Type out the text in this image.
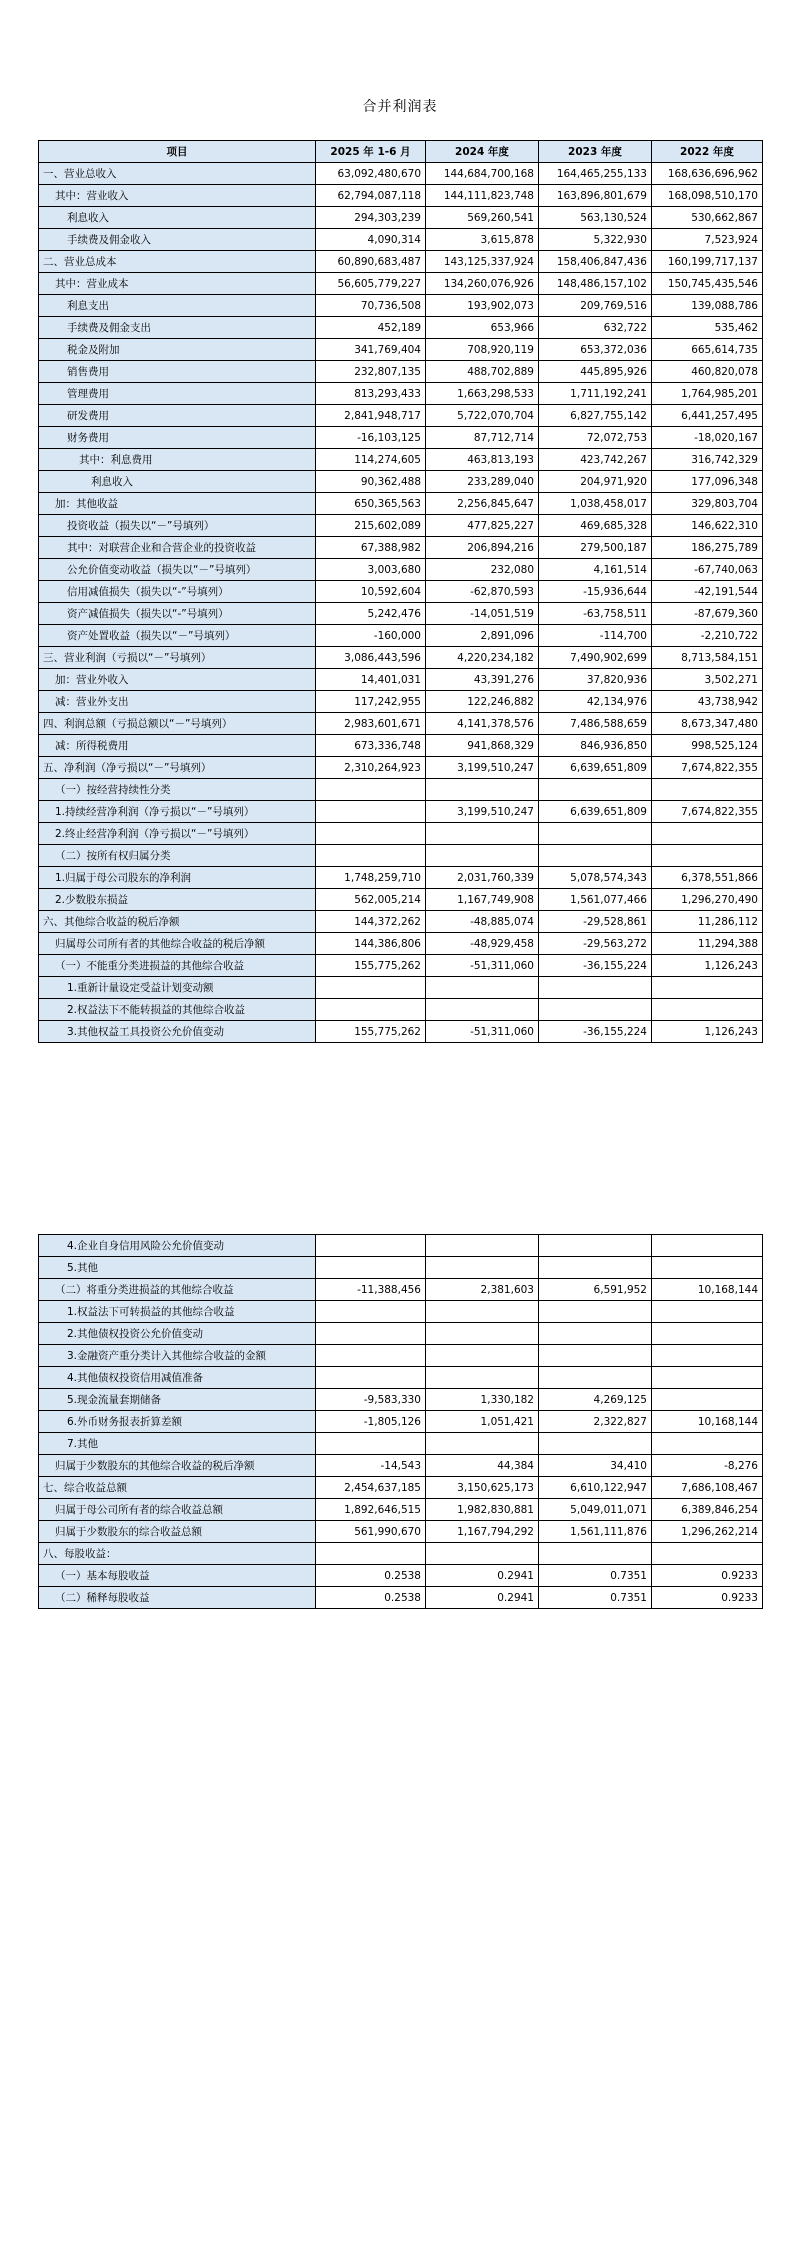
合并利润表
项目	2025 年 1-6 月	2024 年度	2023 年度	2022 年度
一、营业总收入	63,092,480,670	144,684,700,168	164,465,255,133	168,636,696,962
其中：营业收入	62,794,087,118	144,111,823,748	163,896,801,679	168,098,510,170
利息收入	294,303,239	569,260,541	563,130,524	530,662,867
手续费及佣金收入	4,090,314	3,615,878	5,322,930	7,523,924
二、营业总成本	60,890,683,487	143,125,337,924	158,406,847,436	160,199,717,137
其中：营业成本	56,605,779,227	134,260,076,926	148,486,157,102	150,745,435,546
利息支出	70,736,508	193,902,073	209,769,516	139,088,786
手续费及佣金支出	452,189	653,966	632,722	535,462
税金及附加	341,769,404	708,920,119	653,372,036	665,614,735
销售费用	232,807,135	488,702,889	445,895,926	460,820,078
管理费用	813,293,433	1,663,298,533	1,711,192,241	1,764,985,201
研发费用	2,841,948,717	5,722,070,704	6,827,755,142	6,441,257,495
财务费用	-16,103,125	87,712,714	72,072,753	-18,020,167
其中：利息费用	114,274,605	463,813,193	423,742,267	316,742,329
利息收入	90,362,488	233,289,040	204,971,920	177,096,348
加：其他收益	650,365,563	2,256,845,647	1,038,458,017	329,803,704
投资收益（损失以“－”号填列）	215,602,089	477,825,227	469,685,328	146,622,310
其中：对联营企业和合营企业的投资收益	67,388,982	206,894,216	279,500,187	186,275,789
公允价值变动收益（损失以“－”号填列）	3,003,680	232,080	4,161,514	-67,740,063
信用减值损失（损失以“-”号填列）	10,592,604	-62,870,593	-15,936,644	-42,191,544
资产减值损失（损失以“-”号填列）	5,242,476	-14,051,519	-63,758,511	-87,679,360
资产处置收益（损失以“－”号填列）	-160,000	2,891,096	-114,700	-2,210,722
三、营业利润（亏损以“－”号填列）	3,086,443,596	4,220,234,182	7,490,902,699	8,713,584,151
加：营业外收入	14,401,031	43,391,276	37,820,936	3,502,271
减：营业外支出	117,242,955	122,246,882	42,134,976	43,738,942
四、利润总额（亏损总额以“－”号填列）	2,983,601,671	4,141,378,576	7,486,588,659	8,673,347,480
减：所得税费用	673,336,748	941,868,329	846,936,850	998,525,124
五、净利润（净亏损以“－”号填列）	2,310,264,923	3,199,510,247	6,639,651,809	7,674,822,355
（一）按经营持续性分类				
1.持续经营净利润（净亏损以“－”号填列）		3,199,510,247	6,639,651,809	7,674,822,355
2.终止经营净利润（净亏损以“－”号填列）				
（二）按所有权归属分类				
1.归属于母公司股东的净利润	1,748,259,710	2,031,760,339	5,078,574,343	6,378,551,866
2.少数股东损益	562,005,214	1,167,749,908	1,561,077,466	1,296,270,490
六、其他综合收益的税后净额	144,372,262	-48,885,074	-29,528,861	11,286,112
归属母公司所有者的其他综合收益的税后净额	144,386,806	-48,929,458	-29,563,272	11,294,388
（一）不能重分类进损益的其他综合收益	155,775,262	-51,311,060	-36,155,224	1,126,243
1.重新计量设定受益计划变动额				
2.权益法下不能转损益的其他综合收益				
3.其他权益工具投资公允价值变动	155,775,262	-51,311,060	-36,155,224	1,126,243
4.企业自身信用风险公允价值变动				
5.其他				
（二）将重分类进损益的其他综合收益	-11,388,456	2,381,603	6,591,952	10,168,144
1.权益法下可转损益的其他综合收益				
2.其他债权投资公允价值变动				
3.金融资产重分类计入其他综合收益的金额				
4.其他债权投资信用减值准备				
5.现金流量套期储备	-9,583,330	1,330,182	4,269,125	
6.外币财务报表折算差额	-1,805,126	1,051,421	2,322,827	10,168,144
7.其他				
归属于少数股东的其他综合收益的税后净额	-14,543	44,384	34,410	-8,276
七、综合收益总额	2,454,637,185	3,150,625,173	6,610,122,947	7,686,108,467
归属于母公司所有者的综合收益总额	1,892,646,515	1,982,830,881	5,049,011,071	6,389,846,254
归属于少数股东的综合收益总额	561,990,670	1,167,794,292	1,561,111,876	1,296,262,214
八、每股收益：				
（一）基本每股收益	0.2538	0.2941	0.7351	0.9233
（二）稀释每股收益	0.2538	0.2941	0.7351	0.9233
